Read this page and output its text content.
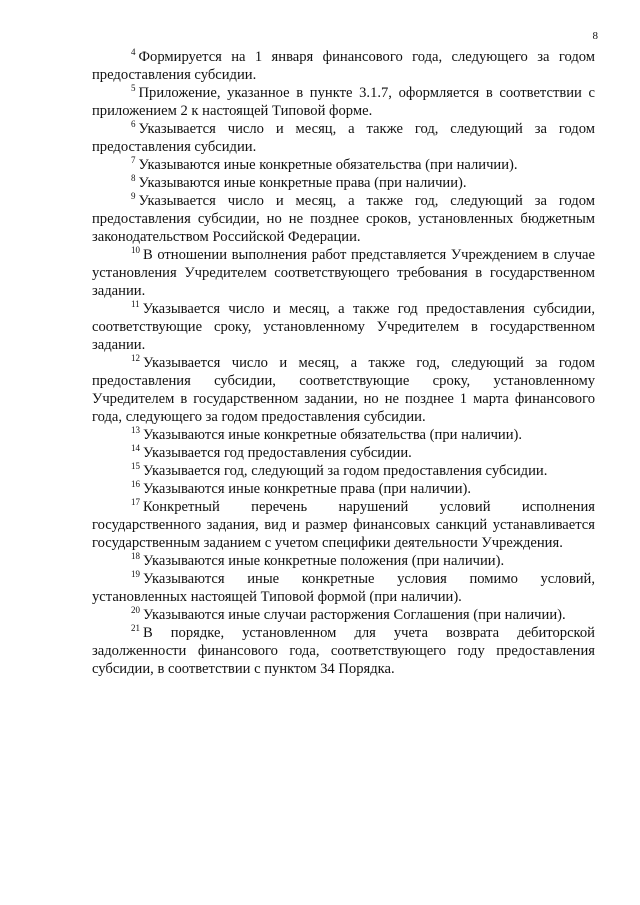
8

$^4$ Формируется на 1 января финансового года, следующего за годом предоставления субсидии.

$^5$ Приложение, указанное в пункте 3.1.7, оформляется в соответствии с приложением 2 к настоящей Типовой форме.

$^6$ Указывается число и месяц, а также год, следующий за годом предоставления субсидии.

$^7$ Указываются иные конкретные обязательства (при наличии).

$^8$ Указываются иные конкретные права (при наличии).

$^9$ Указывается число и месяц, а также год, следующий за годом предоставления субсидии, но не позднее сроков, установленных бюджетным законодательством Российской Федерации.

$^{10}$ В отношении выполнения работ представляется Учреждением в случае установления Учредителем соответствующего требования в государственном задании.

$^{11}$ Указывается число и месяц, а также год предоставления субсидии, соответствующие сроку, установленному Учредителем в государственном задании.

$^{12}$ Указывается число и месяц, а также год, следующий за годом предоставления субсидии, соответствующие сроку, установленному Учредителем в государственном задании, но не позднее 1 марта финансового года, следующего за годом предоставления субсидии.

$^{13}$ Указываются иные конкретные обязательства (при наличии).

$^{14}$ Указывается год предоставления субсидии.

$^{15}$ Указывается год, следующий за годом предоставления субсидии.

$^{16}$ Указываются иные конкретные права (при наличии).

$^{17}$ Конкретный перечень нарушений условий исполнения государственного задания, вид и размер финансовых санкций устанавливается государственным заданием с учетом специфики деятельности Учреждения.

$^{18}$ Указываются иные конкретные положения (при наличии).

$^{19}$ Указываются иные конкретные условия помимо условий, установленных настоящей Типовой формой (при наличии).

$^{20}$ Указываются иные случаи расторжения Соглашения (при наличии).

$^{21}$ В порядке, установленном для учета возврата дебиторской задолженности финансового года, соответствующего году предоставления субсидии, в соответствии с пунктом 34 Порядка.
